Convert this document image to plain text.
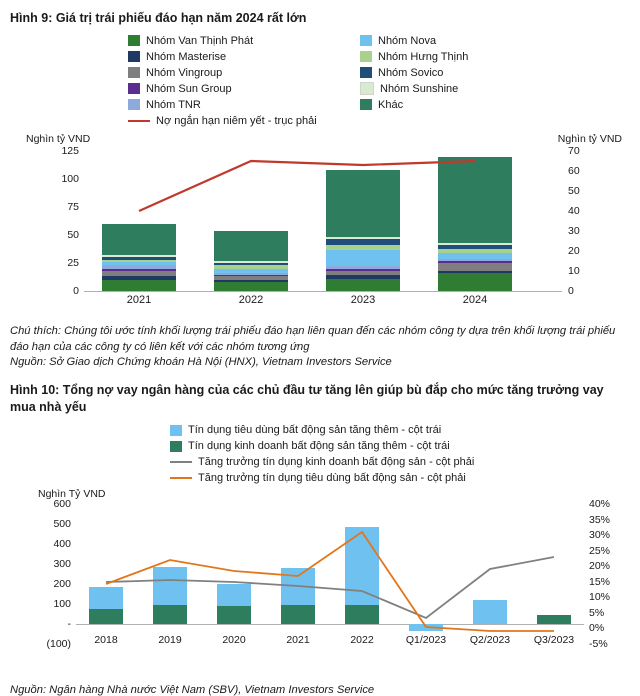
Hình 9: Giá trị trái phiếu đáo hạn năm 2024 rất lớn
Nhóm Van Thịnh Phát	Nhóm Nova
Nhóm Masterise	Nhóm Hưng Thịnh
Nhóm Vingroup	Nhóm Sovico
Nhóm Sun Group	Nhóm Sunshine
Nhóm TNR	Khác
Nợ ngắn hạn niêm yết - trục phải
Nghìn tỷ VND	Nghìn tỷ VND
0
25
50
75
100
125
0
10
20
30
40
50
60
70
2021	2022	2023	2024
Chú thích: Chúng tôi ước tính khối lượng trái phiếu đáo hạn liên quan đến các nhóm công ty dựa trên khối lượng trái phiếu đáo hạn của các công ty có liên kết với các nhóm tương ứng
Nguồn: Sở Giao dịch Chứng khoán Hà Nội (HNX), Vietnam Investors Service
Hình 10: Tổng nợ vay ngân hàng của các chủ đầu tư tăng lên giúp bù đắp cho mức tăng trưởng vay mua nhà yếu
Tín dụng tiêu dùng bất động sản tăng thêm - cột trái
Tín dụng kinh doanh bất động sản tăng thêm - cột trái
Tăng trưởng tín dụng kinh doanh bất động sản - cột phải
Tăng trưởng tín dụng tiêu dùng bất động sản - cột phải
Nghìn Tỷ VND
(100)
-
100
200
300
400
500
600
-5%
0%
5%
10%
15%
20%
25%
30%
35%
40%
2018	2019	2020	2021	2022	Q1/2023	Q2/2023	Q3/2023
Nguồn: Ngân hàng Nhà nước Việt Nam (SBV), Vietnam Investors Service
